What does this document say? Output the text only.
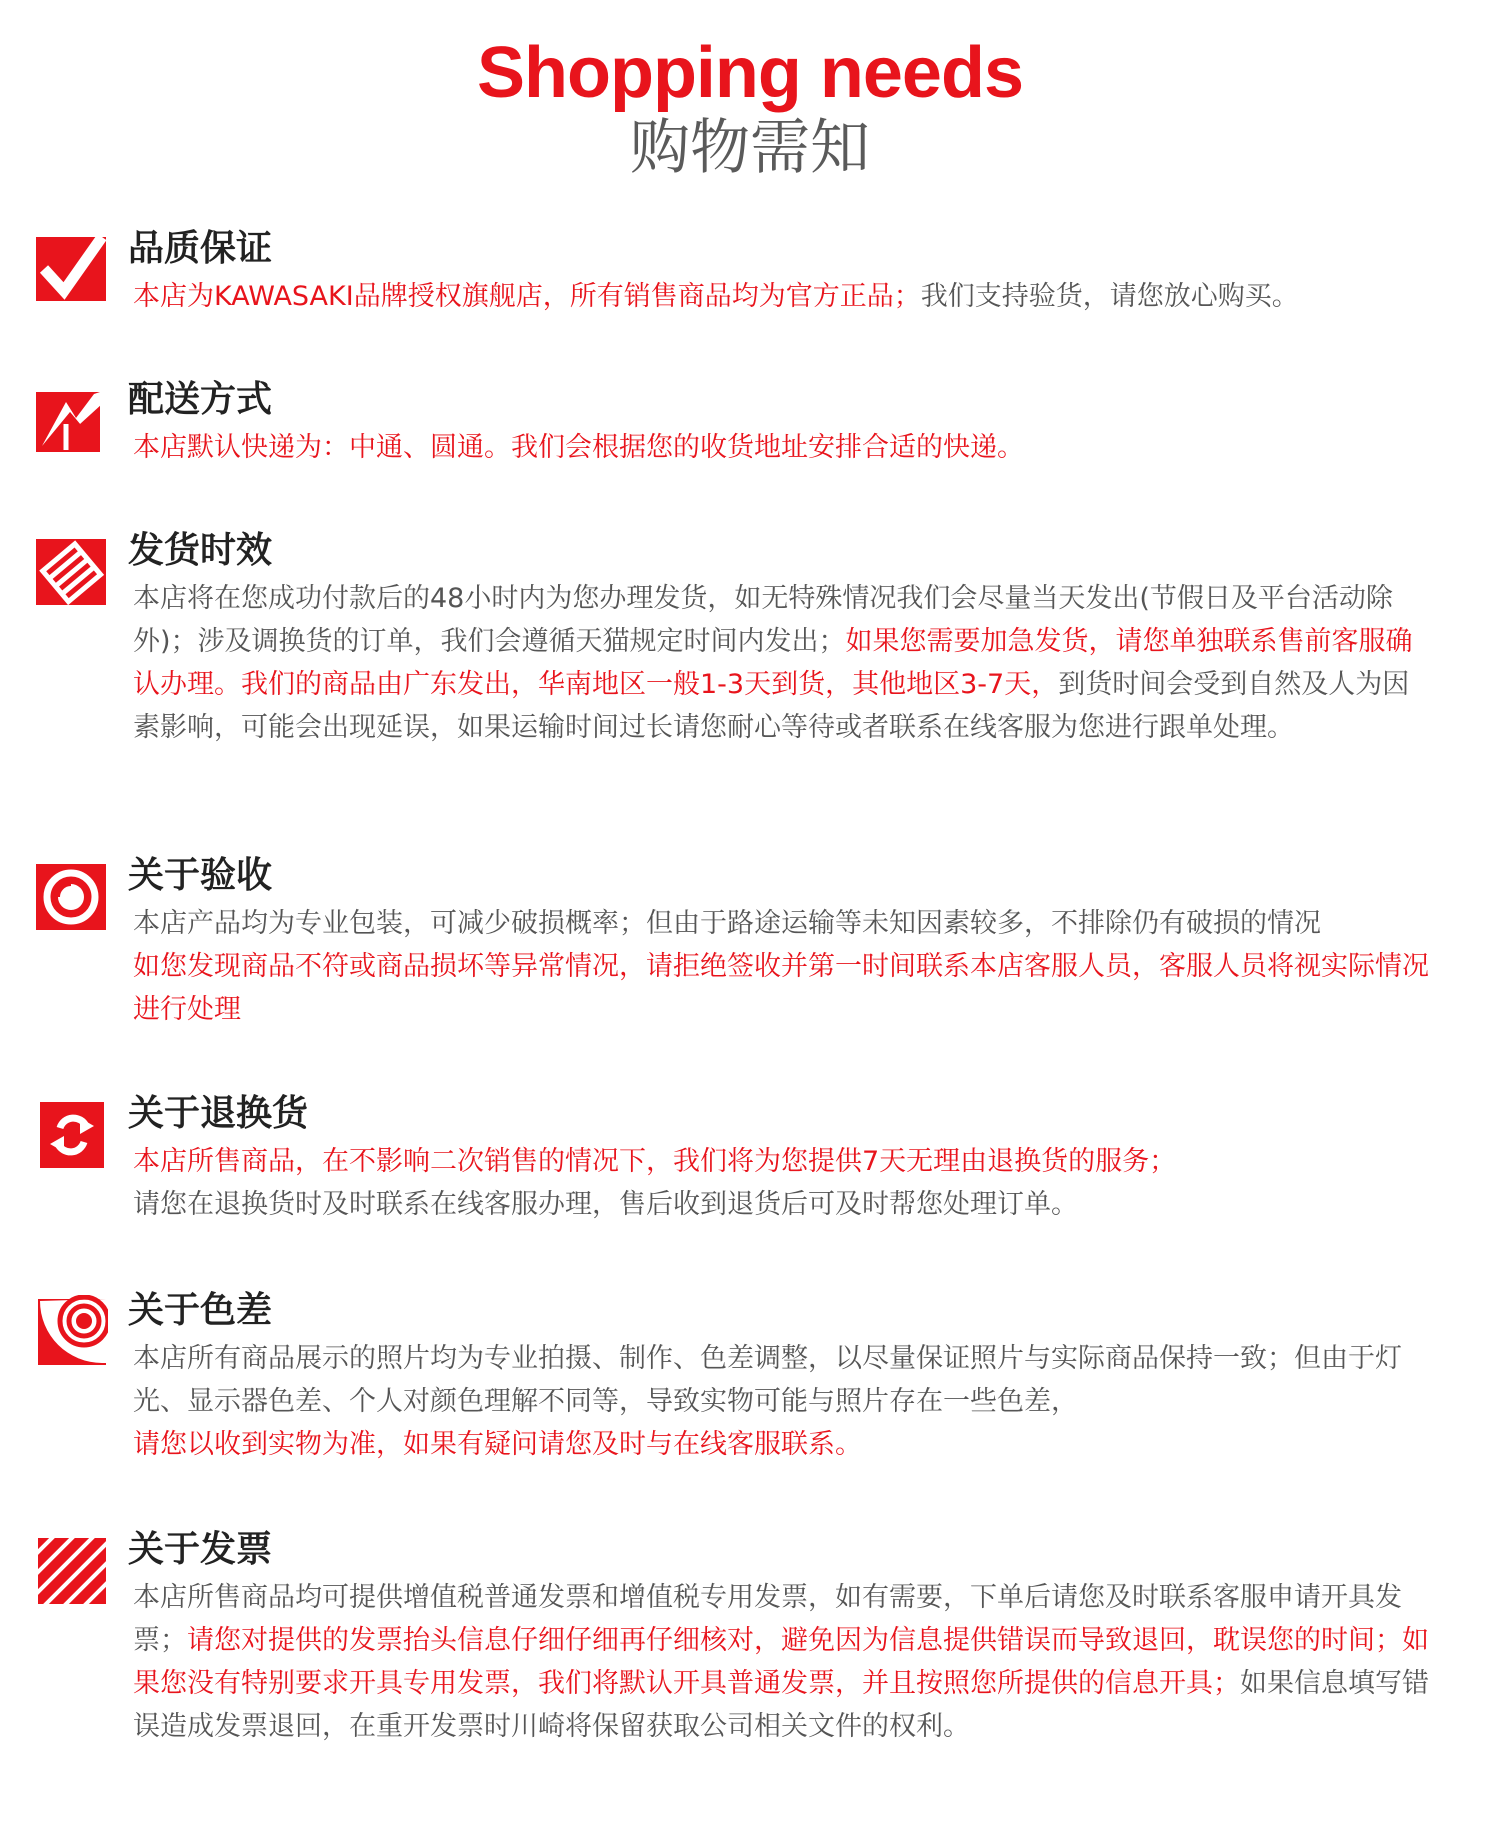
Shopping needs
购物需知
品质保证

本店为KAWASAKI品牌授权旗舰店，所有销售商品均为官方正品；我们支持验货，请您放心购买。

配送方式

本店默认快递为：中通、圆通。我们会根据您的收货地址安排合适的快递。

发货时效

本店将在您成功付款后的48小时内为您办理发货，如无特殊情况我们会尽量当天发出(节假日及平台活动除外)；涉及调换货的订单，我们会遵循天猫规定时间内发出；如果您需要加急发货，请您单独联系售前客服确认办理。我们的商品由广东发出，华南地区一般1-3天到货，其他地区3-7天，到货时间会受到自然及人为因素影响，可能会出现延误，如果运输时间过长请您耐心等待或者联系在线客服为您进行跟单处理。

关于验收

本店产品均为专业包装，可减少破损概率；但由于路途运输等未知因素较多，不排除仍有破损的情况

如您发现商品不符或商品损坏等异常情况，请拒绝签收并第一时间联系本店客服人员，客服人员将视实际情况进行处理

关于退换货

本店所售商品，在不影响二次销售的情况下，我们将为您提供7天无理由退换货的服务；

请您在退换货时及时联系在线客服办理，售后收到退货后可及时帮您处理订单。

关于色差

本店所有商品展示的照片均为专业拍摄、制作、色差调整，以尽量保证照片与实际商品保持一致；但由于灯光、显示器色差、个人对颜色理解不同等，导致实物可能与照片存在一些色差，

请您以收到实物为准，如果有疑问请您及时与在线客服联系。

关于发票

本店所售商品均可提供增值税普通发票和增值税专用发票，如有需要，下单后请您及时联系客服申请开具发票；请您对提供的发票抬头信息仔细仔细再仔细核对，避免因为信息提供错误而导致退回，耽误您的时间；如果您没有特别要求开具专用发票，我们将默认开具普通发票，并且按照您所提供的信息开具；如果信息填写错误造成发票退回，在重开发票时川崎将保留获取公司相关文件的权利。
